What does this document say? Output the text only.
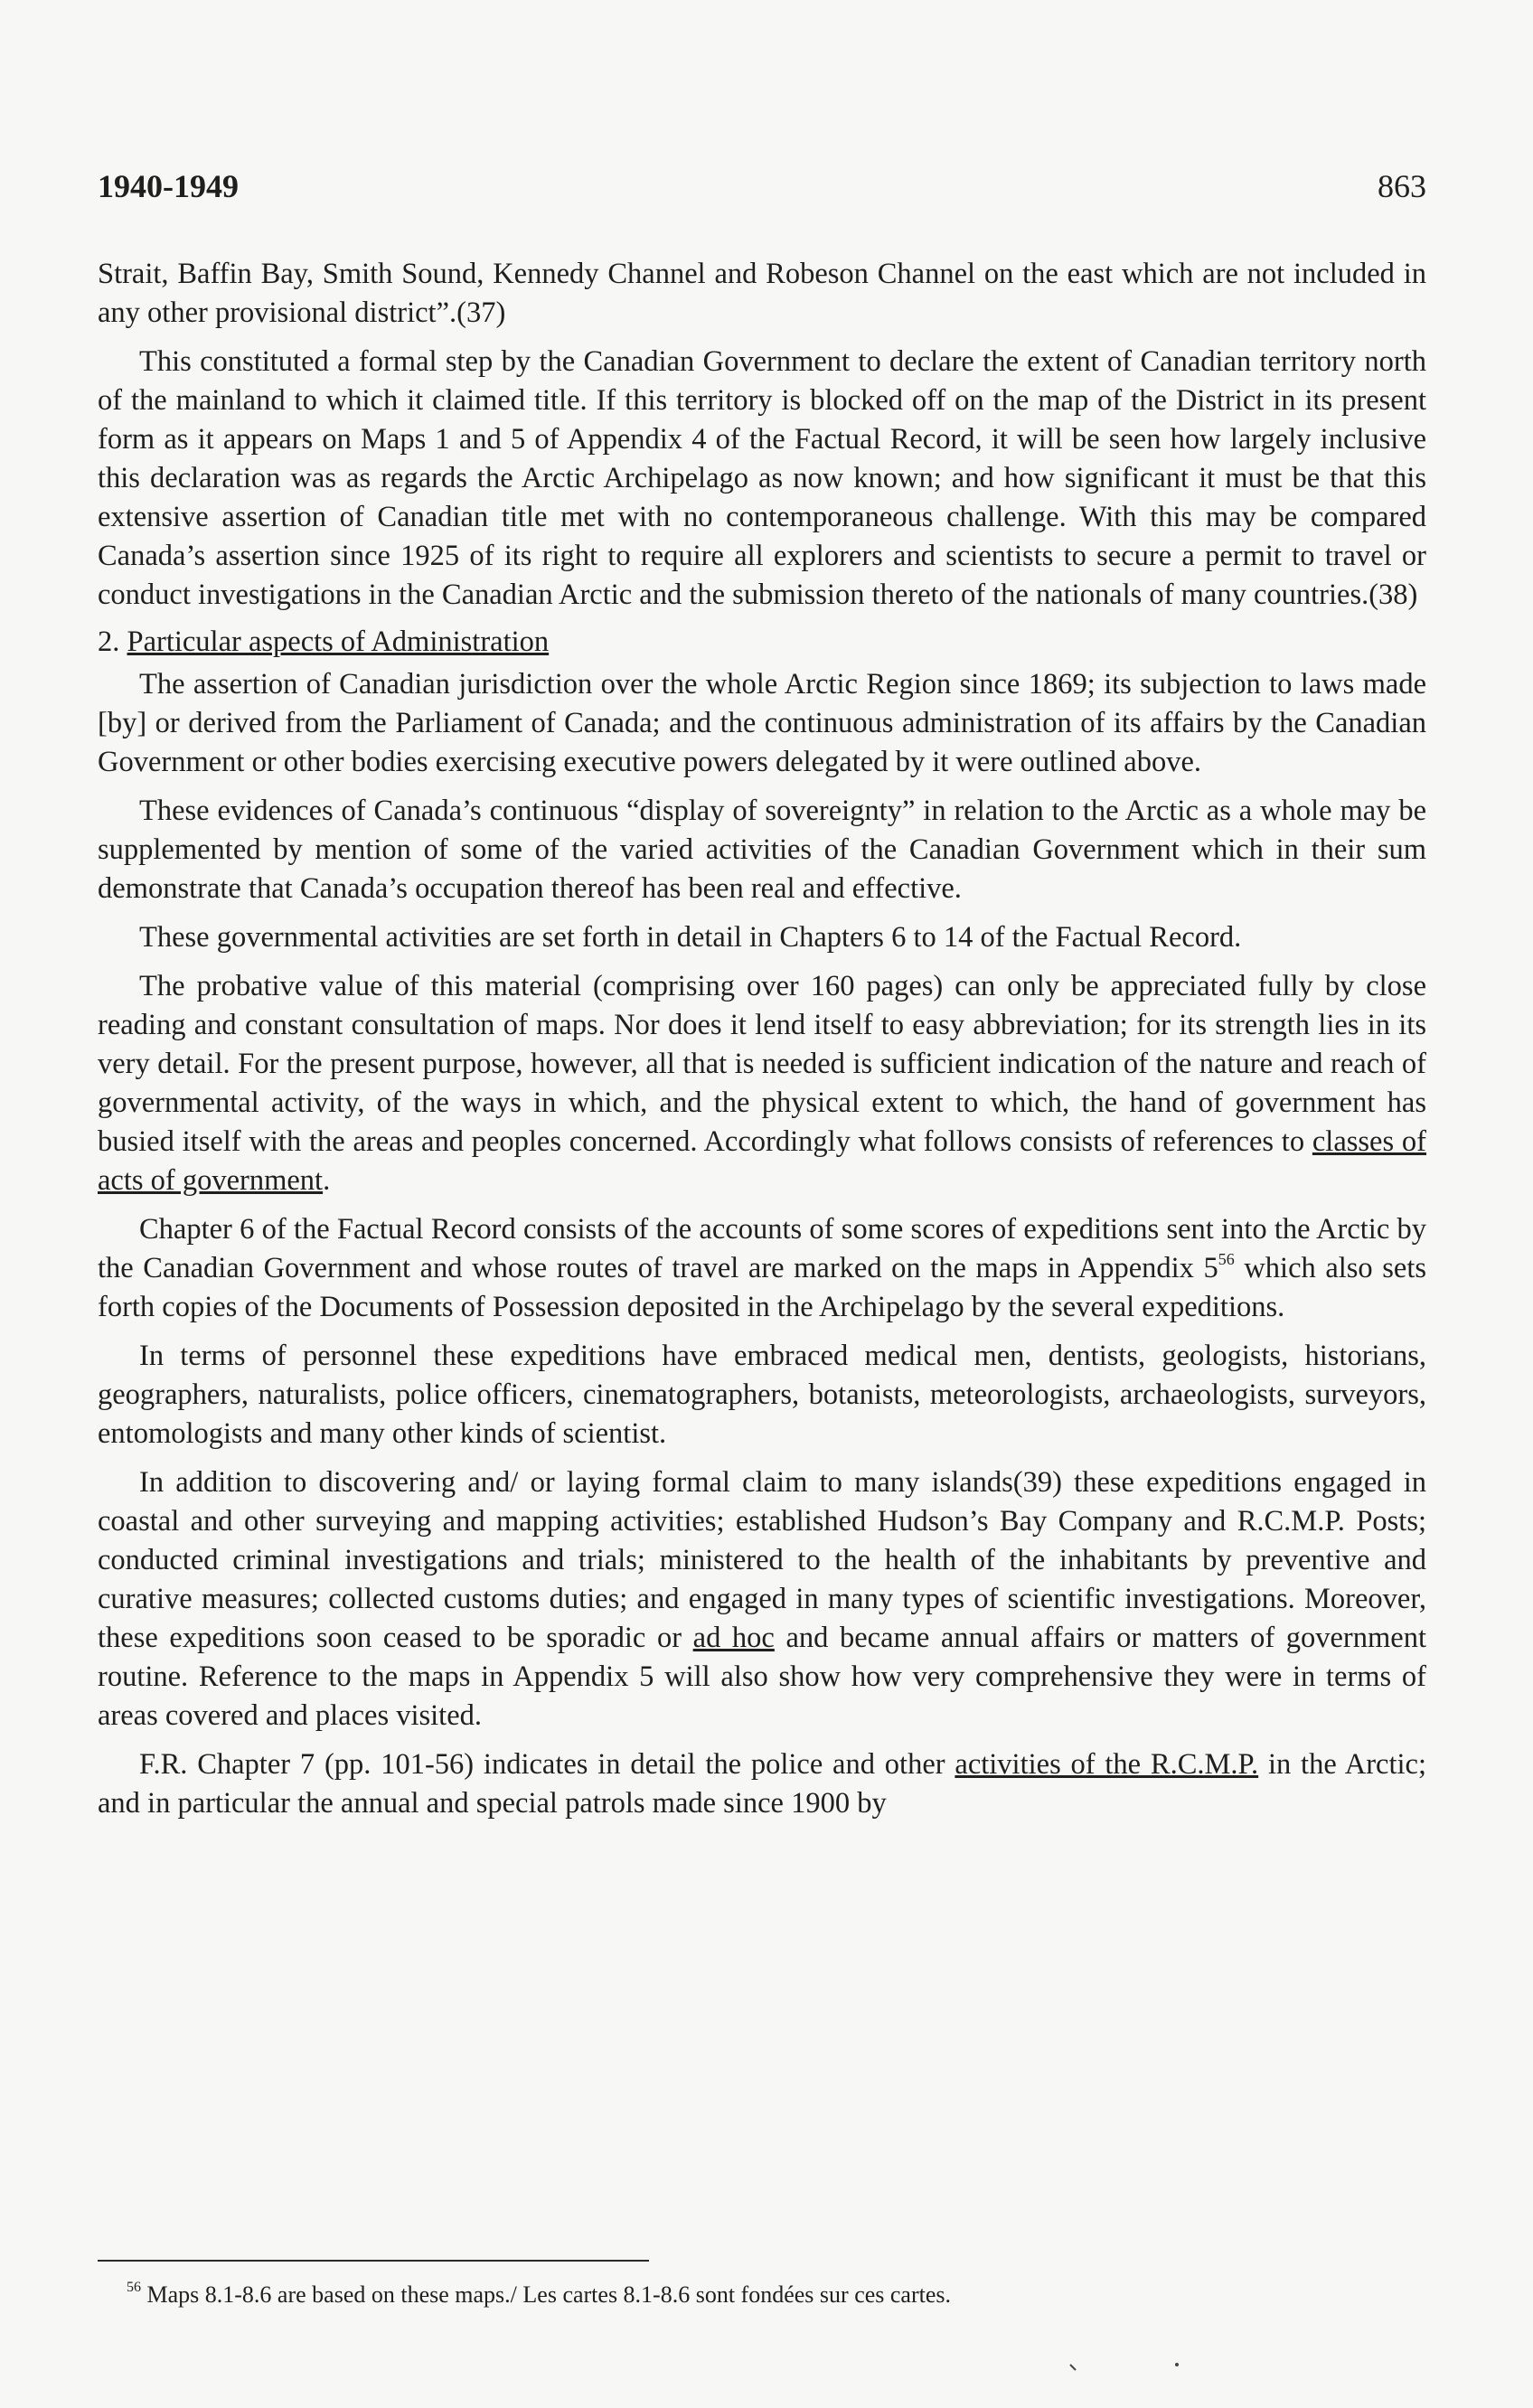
1940-1949	863

Strait, Baffin Bay, Smith Sound, Kennedy Channel and Robeson Channel on the east which are not included in any other provisional district”.(37)

This constituted a formal step by the Canadian Government to declare the extent of Canadian territory north of the mainland to which it claimed title. If this territory is blocked off on the map of the District in its present form as it appears on Maps 1 and 5 of Appendix 4 of the Factual Record, it will be seen how largely inclusive this declaration was as regards the Arctic Archipelago as now known; and how significant it must be that this extensive assertion of Canadian title met with no contemporaneous challenge. With this may be compared Canada’s assertion since 1925 of its right to require all explorers and scientists to secure a permit to travel or conduct investigations in the Canadian Arctic and the submission thereto of the nationals of many countries.(38)

2. Particular aspects of Administration

The assertion of Canadian jurisdiction over the whole Arctic Region since 1869; its subjection to laws made [by] or derived from the Parliament of Canada; and the continuous administration of its affairs by the Canadian Government or other bodies exercising executive powers delegated by it were outlined above.

These evidences of Canada’s continuous “display of sovereignty” in relation to the Arctic as a whole may be supplemented by mention of some of the varied activities of the Canadian Government which in their sum demonstrate that Canada’s occupation thereof has been real and effective.

These governmental activities are set forth in detail in Chapters 6 to 14 of the Factual Record.

The probative value of this material (comprising over 160 pages) can only be appreciated fully by close reading and constant consultation of maps. Nor does it lend itself to easy abbreviation; for its strength lies in its very detail. For the present purpose, however, all that is needed is sufficient indication of the nature and reach of governmental activity, of the ways in which, and the physical extent to which, the hand of government has busied itself with the areas and peoples concerned. Accordingly what follows consists of references to classes of acts of government.

Chapter 6 of the Factual Record consists of the accounts of some scores of expeditions sent into the Arctic by the Canadian Government and whose routes of travel are marked on the maps in Appendix $5^{56}$ which also sets forth copies of the Documents of Possession deposited in the Archipelago by the several expeditions.

In terms of personnel these expeditions have embraced medical men, dentists, geologists, historians, geographers, naturalists, police officers, cinematographers, botanists, meteorologists, archaeologists, surveyors, entomologists and many other kinds of scientist.

In addition to discovering and/ or laying formal claim to many islands(39) these expeditions engaged in coastal and other surveying and mapping activities; established Hudson’s Bay Company and R.C.M.P. Posts; conducted criminal investigations and trials; ministered to the health of the inhabitants by preventive and curative measures; collected customs duties; and engaged in many types of scientific investigations. Moreover, these expeditions soon ceased to be sporadic or ad hoc and became annual affairs or matters of government routine. Reference to the maps in Appendix 5 will also show how very comprehensive they were in terms of areas covered and places visited.

F.R. Chapter 7 (pp. 101-56) indicates in detail the police and other activities of the R.C.M.P. in the Arctic; and in particular the annual and special patrols made since 1900 by

$^{56}$ Maps 8.1-8.6 are based on these maps./ Les cartes 8.1-8.6 sont fondées sur ces cartes.
